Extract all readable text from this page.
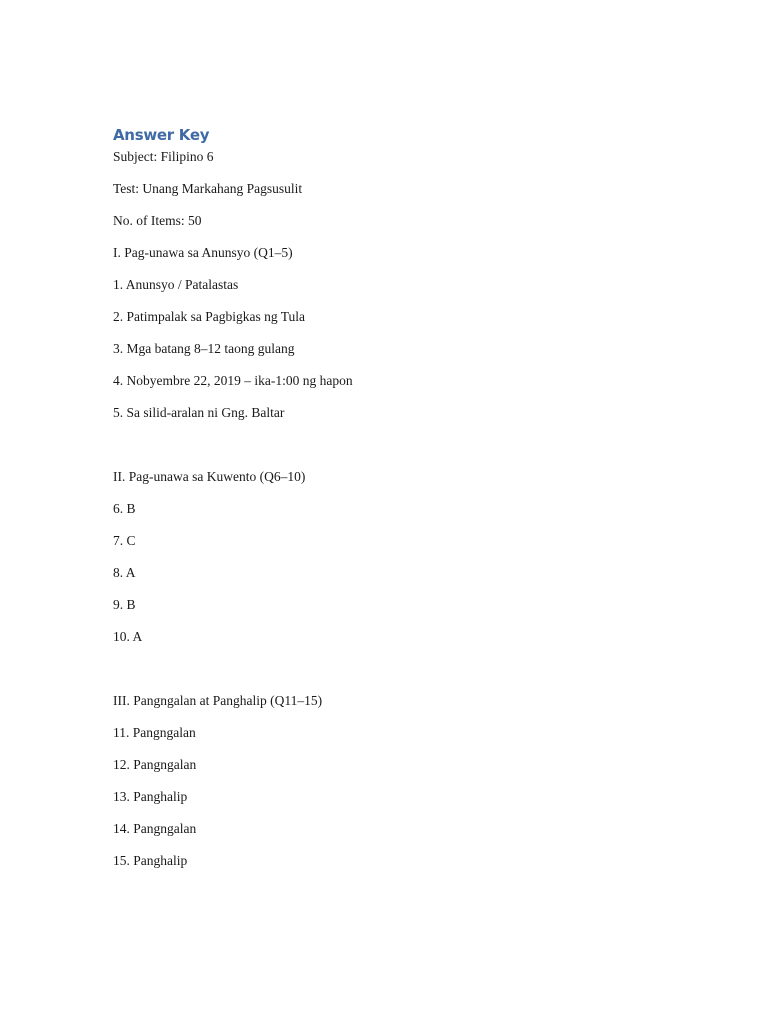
Answer Key
Subject: Filipino 6
Test: Unang Markahang Pagsusulit
No. of Items: 50
I. Pag-unawa sa Anunsyo (Q1–5)
1. Anunsyo / Patalastas
2. Patimpalak sa Pagbigkas ng Tula
3. Mga batang 8–12 taong gulang
4. Nobyembre 22, 2019 – ika-1:00 ng hapon
5. Sa silid-aralan ni Gng. Baltar
II. Pag-unawa sa Kuwento (Q6–10)
6. B
7. C
8. A
9. B
10. A
III. Pangngalan at Panghalip (Q11–15)
11. Pangngalan
12. Pangngalan
13. Panghalip
14. Pangngalan
15. Panghalip
